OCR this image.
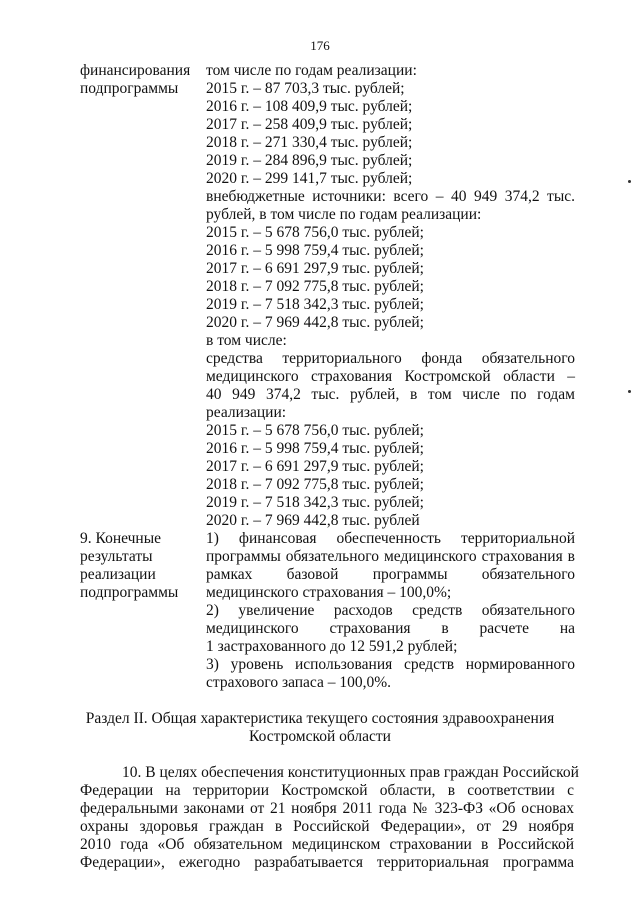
176
финансирования
подпрограммы
том числе по годам реализации:
2015 г. – 87 703,3 тыс. рублей;
2016 г. – 108 409,9 тыс. рублей;
2017 г. – 258 409,9 тыс. рублей;
2018 г. – 271 330,4 тыс. рублей;
2019 г. – 284 896,9 тыс. рублей;
2020 г. – 299 141,7 тыс. рублей;
внебюджетные источники: всего – 40 949 374,2 тыс.
рублей, в том числе по годам реализации:
2015 г. – 5 678 756,0 тыс. рублей;
2016 г. – 5 998 759,4 тыс. рублей;
2017 г. – 6 691 297,9 тыс. рублей;
2018 г. – 7 092 775,8 тыс. рублей;
2019 г. – 7 518 342,3 тыс. рублей;
2020 г. – 7 969 442,8 тыс. рублей;
в том числе:
средства территориального фонда обязательного
медицинского страхования Костромской области –
40 949 374,2 тыс. рублей, в том числе по годам
реализации:
2015 г. – 5 678 756,0 тыс. рублей;
2016 г. – 5 998 759,4 тыс. рублей;
2017 г. – 6 691 297,9 тыс. рублей;
2018 г. – 7 092 775,8 тыс. рублей;
2019 г. – 7 518 342,3 тыс. рублей;
2020 г. – 7 969 442,8 тыс. рублей
9. Конечные
результаты
реализации
подпрограммы
1) финансовая обеспеченность территориальной
программы обязательного медицинского страхования в
рамках базовой программы обязательного
медицинского страхования – 100,0%;
2) увеличение расходов средств обязательного
медицинского страхования в расчете на
1 застрахованного до 12 591,2 рублей;
3) уровень использования средств нормированного
страхового запаса – 100,0%.
Раздел II. Общая характеристика текущего состояния здравоохранения
Костромской области
10. В целях обеспечения конституционных прав граждан Российской
Федерации на территории Костромской области, в соответствии с
федеральными законами от 21 ноября 2011 года № 323-ФЗ «Об основах
охраны здоровья граждан в Российской Федерации», от 29 ноября
2010 года «Об обязательном медицинском страховании в Российской
Федерации», ежегодно разрабатывается территориальная программа
